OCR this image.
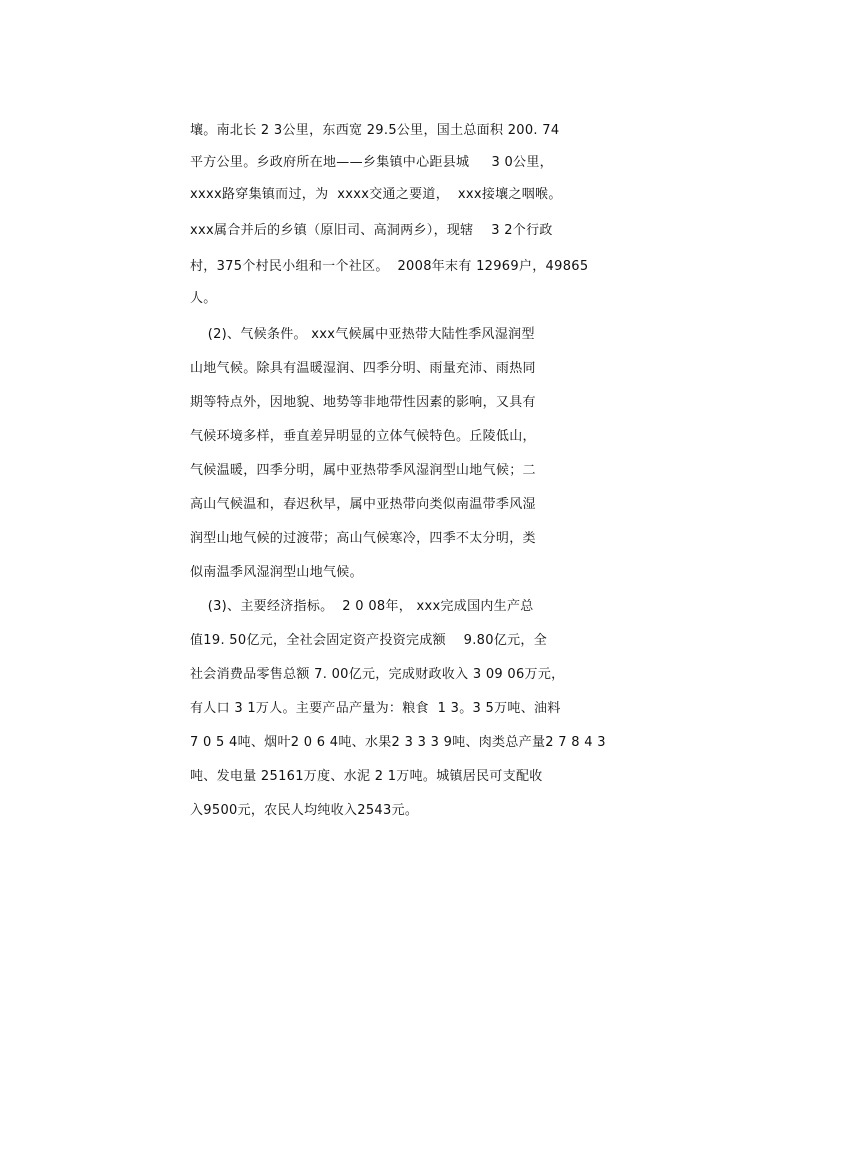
壤。南北长 2 3公里，东西宽 29.5公里，国土总面积 200. 74
平方公里。乡政府所在地——乡集镇中心距县城     3 0公里，
xxxx路穿集镇而过，为  xxxx交通之要道，  xxx接壤之咽喉。
xxx属合并后的乡镇（原旧司、高洞两乡），现辖    3 2个行政
村，375个村民小组和一个社区。  2008年末有 12969户，49865
人。
(2)、气候条件。 xxx气候属中亚热带大陆性季风湿润型
山地气候。除具有温暖湿润、四季分明、雨量充沛、雨热同
期等特点外，因地貌、地势等非地带性因素的影响，又具有
气候环境多样，垂直差异明显的立体气候特色。丘陵低山，
气候温暖，四季分明，属中亚热带季风湿润型山地气候；二
高山气候温和，春迟秋早，属中亚热带向类似南温带季风湿
润型山地气候的过渡带；高山气候寒冷，四季不太分明，类
似南温季风湿润型山地气候。
(3)、主要经济指标。  2 0 08年， xxx完成国内生产总
值19. 50亿元，全社会固定资产投资完成额    9.80亿元，全
社会消费品零售总额 7. 00亿元，完成财政收入 3 09 06万元，
有人口 3 1万人。主要产品产量为：粮食  1 3。3 5万吨、油料
7 0 5 4吨、烟叶2 0 6 4吨、水果2 3 3 3 9吨、肉类总产量2 7 8 4 3
吨、发电量 25161万度、水泥 2 1万吨。城镇居民可支配收
入9500元，农民人均纯收入2543元。
